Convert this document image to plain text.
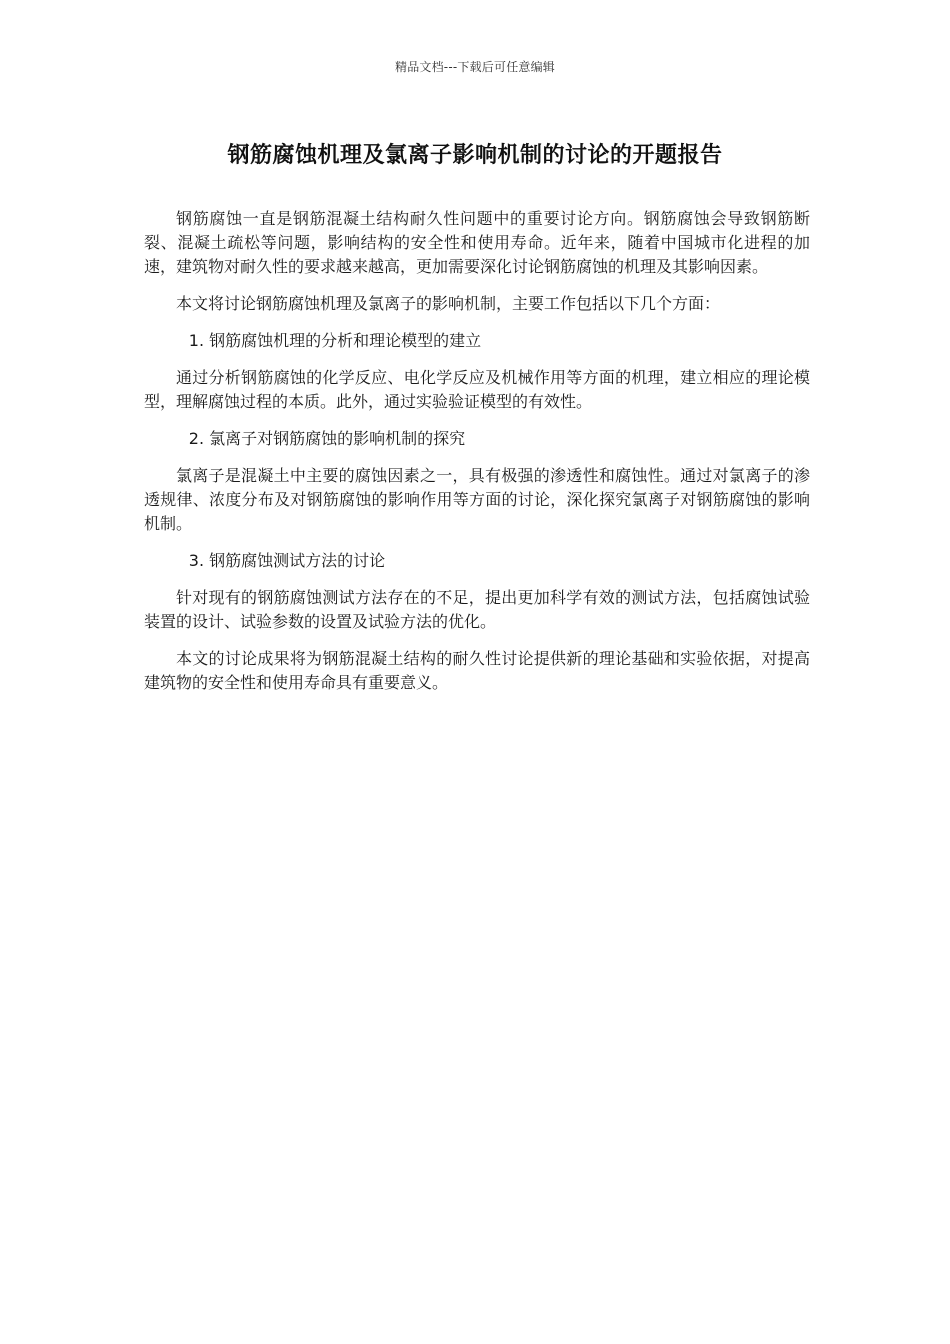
精品文档---下载后可任意编辑
钢筋腐蚀机理及氯离子影响机制的讨论的开题报告

钢筋腐蚀一直是钢筋混凝土结构耐久性问题中的重要讨论方向。钢筋腐蚀会导致钢筋断裂、混凝土疏松等问题，影响结构的安全性和使用寿命。近年来，随着中国城市化进程的加速，建筑物对耐久性的要求越来越高，更加需要深化讨论钢筋腐蚀的机理及其影响因素。

本文将讨论钢筋腐蚀机理及氯离子的影响机制，主要工作包括以下几个方面：

1. 钢筋腐蚀机理的分析和理论模型的建立

通过分析钢筋腐蚀的化学反应、电化学反应及机械作用等方面的机理，建立相应的理论模型，理解腐蚀过程的本质。此外，通过实验验证模型的有效性。

2. 氯离子对钢筋腐蚀的影响机制的探究

氯离子是混凝土中主要的腐蚀因素之一，具有极强的渗透性和腐蚀性。通过对氯离子的渗透规律、浓度分布及对钢筋腐蚀的影响作用等方面的讨论，深化探究氯离子对钢筋腐蚀的影响机制。

3. 钢筋腐蚀测试方法的讨论

针对现有的钢筋腐蚀测试方法存在的不足，提出更加科学有效的测试方法，包括腐蚀试验装置的设计、试验参数的设置及试验方法的优化。

本文的讨论成果将为钢筋混凝土结构的耐久性讨论提供新的理论基础和实验依据，对提高建筑物的安全性和使用寿命具有重要意义。
